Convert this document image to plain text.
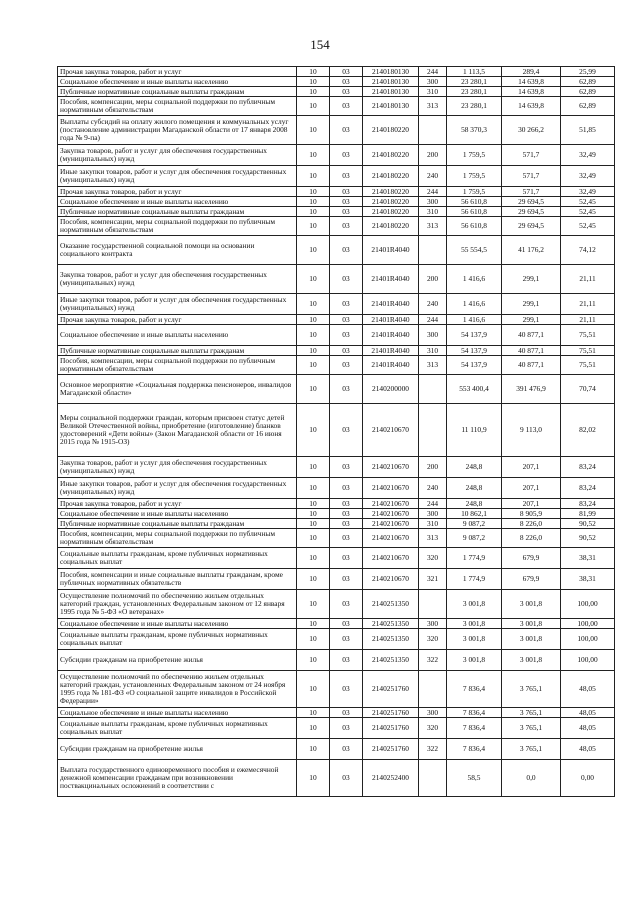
154
Прочая закупка товаров, работ и услуг	10	03	2140180130	244	1 113,5	289,4	25,99
Социальное обеспечение и иные выплаты населению	10	03	2140180130	300	23 280,1	14 639,8	62,89
Публичные нормативные социальные выплаты гражданам	10	03	2140180130	310	23 280,1	14 639,8	62,89
Пособия, компенсации, меры социальной поддержки по публичным нормативным обязательствам	10	03	2140180130	313	23 280,1	14 639,8	62,89
Выплаты субсидий на оплату жилого помещения и коммунальных услуг (постановление администрации Магаданской области от 17 января 2008 года № 9-па)	10	03	2140180220		58 370,3	30 266,2	51,85
Закупка товаров, работ и услуг для обеспечения государственных (муниципальных) нужд	10	03	2140180220	200	1 759,5	571,7	32,49
Иные закупки товаров, работ и услуг для обеспечения государственных (муниципальных) нужд	10	03	2140180220	240	1 759,5	571,7	32,49
Прочая закупка товаров, работ и услуг	10	03	2140180220	244	1 759,5	571,7	32,49
Социальное обеспечение и иные выплаты населению	10	03	2140180220	300	56 610,8	29 694,5	52,45
Публичные нормативные социальные выплаты гражданам	10	03	2140180220	310	56 610,8	29 694,5	52,45
Пособия, компенсации, меры социальной поддержки по публичным нормативным обязательствам	10	03	2140180220	313	56 610,8	29 694,5	52,45
Оказание государственной социальной помощи на основании социального контракта	10	03	21401R4040		55 554,5	41 176,2	74,12
Закупка товаров, работ и услуг для обеспечения государственных (муниципальных) нужд	10	03	21401R4040	200	1 416,6	299,1	21,11
Иные закупки товаров, работ и услуг для обеспечения государственных (муниципальных) нужд	10	03	21401R4040	240	1 416,6	299,1	21,11
Прочая закупка товаров, работ и услуг	10	03	21401R4040	244	1 416,6	299,1	21,11
Социальное обеспечение и иные выплаты населению	10	03	21401R4040	300	54 137,9	40 877,1	75,51
Публичные нормативные социальные выплаты гражданам	10	03	21401R4040	310	54 137,9	40 877,1	75,51
Пособия, компенсации, меры социальной поддержки по публичным нормативным обязательствам	10	03	21401R4040	313	54 137,9	40 877,1	75,51
Основное мероприятие «Социальная поддержка пенсионеров, инвалидов Магаданской области»	10	03	2140200000		553 400,4	391 476,9	70,74
Меры социальной поддержки граждан, которым присвоен статус детей Великой Отечественной войны, приобретение (изготовление) бланков удостоверений «Дети войны» (Закон Магаданской области от 16 июня 2015 года № 1915-ОЗ)	10	03	2140210670		11 110,9	9 113,0	82,02
Закупка товаров, работ и услуг для обеспечения государственных (муниципальных) нужд	10	03	2140210670	200	248,8	207,1	83,24
Иные закупки товаров, работ и услуг для обеспечения государственных (муниципальных) нужд	10	03	2140210670	240	248,8	207,1	83,24
Прочая закупка товаров, работ и услуг	10	03	2140210670	244	248,8	207,1	83,24
Социальное обеспечение и иные выплаты населению	10	03	2140210670	300	10 862,1	8 905,9	81,99
Публичные нормативные социальные выплаты гражданам	10	03	2140210670	310	9 087,2	8 226,0	90,52
Пособия, компенсации, меры социальной поддержки по публичным нормативным обязательствам	10	03	2140210670	313	9 087,2	8 226,0	90,52
Социальные выплаты гражданам, кроме публичных нормативных социальных выплат	10	03	2140210670	320	1 774,9	679,9	38,31
Пособия, компенсации и иные социальные выплаты гражданам, кроме публичных нормативных обязательств	10	03	2140210670	321	1 774,9	679,9	38,31
Осуществление полномочий по обеспечению жильем отдельных категорий граждан, установленных Федеральным законом от 12 января 1995 года № 5-ФЗ «О ветеранах»	10	03	2140251350		3 001,8	3 001,8	100,00
Социальное обеспечение и иные выплаты населению	10	03	2140251350	300	3 001,8	3 001,8	100,00
Социальные выплаты гражданам, кроме публичных нормативных социальных выплат	10	03	2140251350	320	3 001,8	3 001,8	100,00
Субсидии гражданам на приобретение жилья	10	03	2140251350	322	3 001,8	3 001,8	100,00
Осуществление полномочий по обеспечению жильем отдельных категорий граждан, установленных Федеральным законом от 24 ноября 1995 года № 181-ФЗ «О социальной защите инвалидов в Российской Федерации»	10	03	2140251760		7 836,4	3 765,1	48,05
Социальное обеспечение и иные выплаты населению	10	03	2140251760	300	7 836,4	3 765,1	48,05
Социальные выплаты гражданам, кроме публичных нормативных социальных выплат	10	03	2140251760	320	7 836,4	3 765,1	48,05
Субсидии гражданам на приобретение жилья	10	03	2140251760	322	7 836,4	3 765,1	48,05
Выплата государственного единовременного пособия и ежемесячной денежной компенсации гражданам при возникновении поствакцинальных осложнений в соответствии с	10	03	2140252400		58,5	0,0	0,00
